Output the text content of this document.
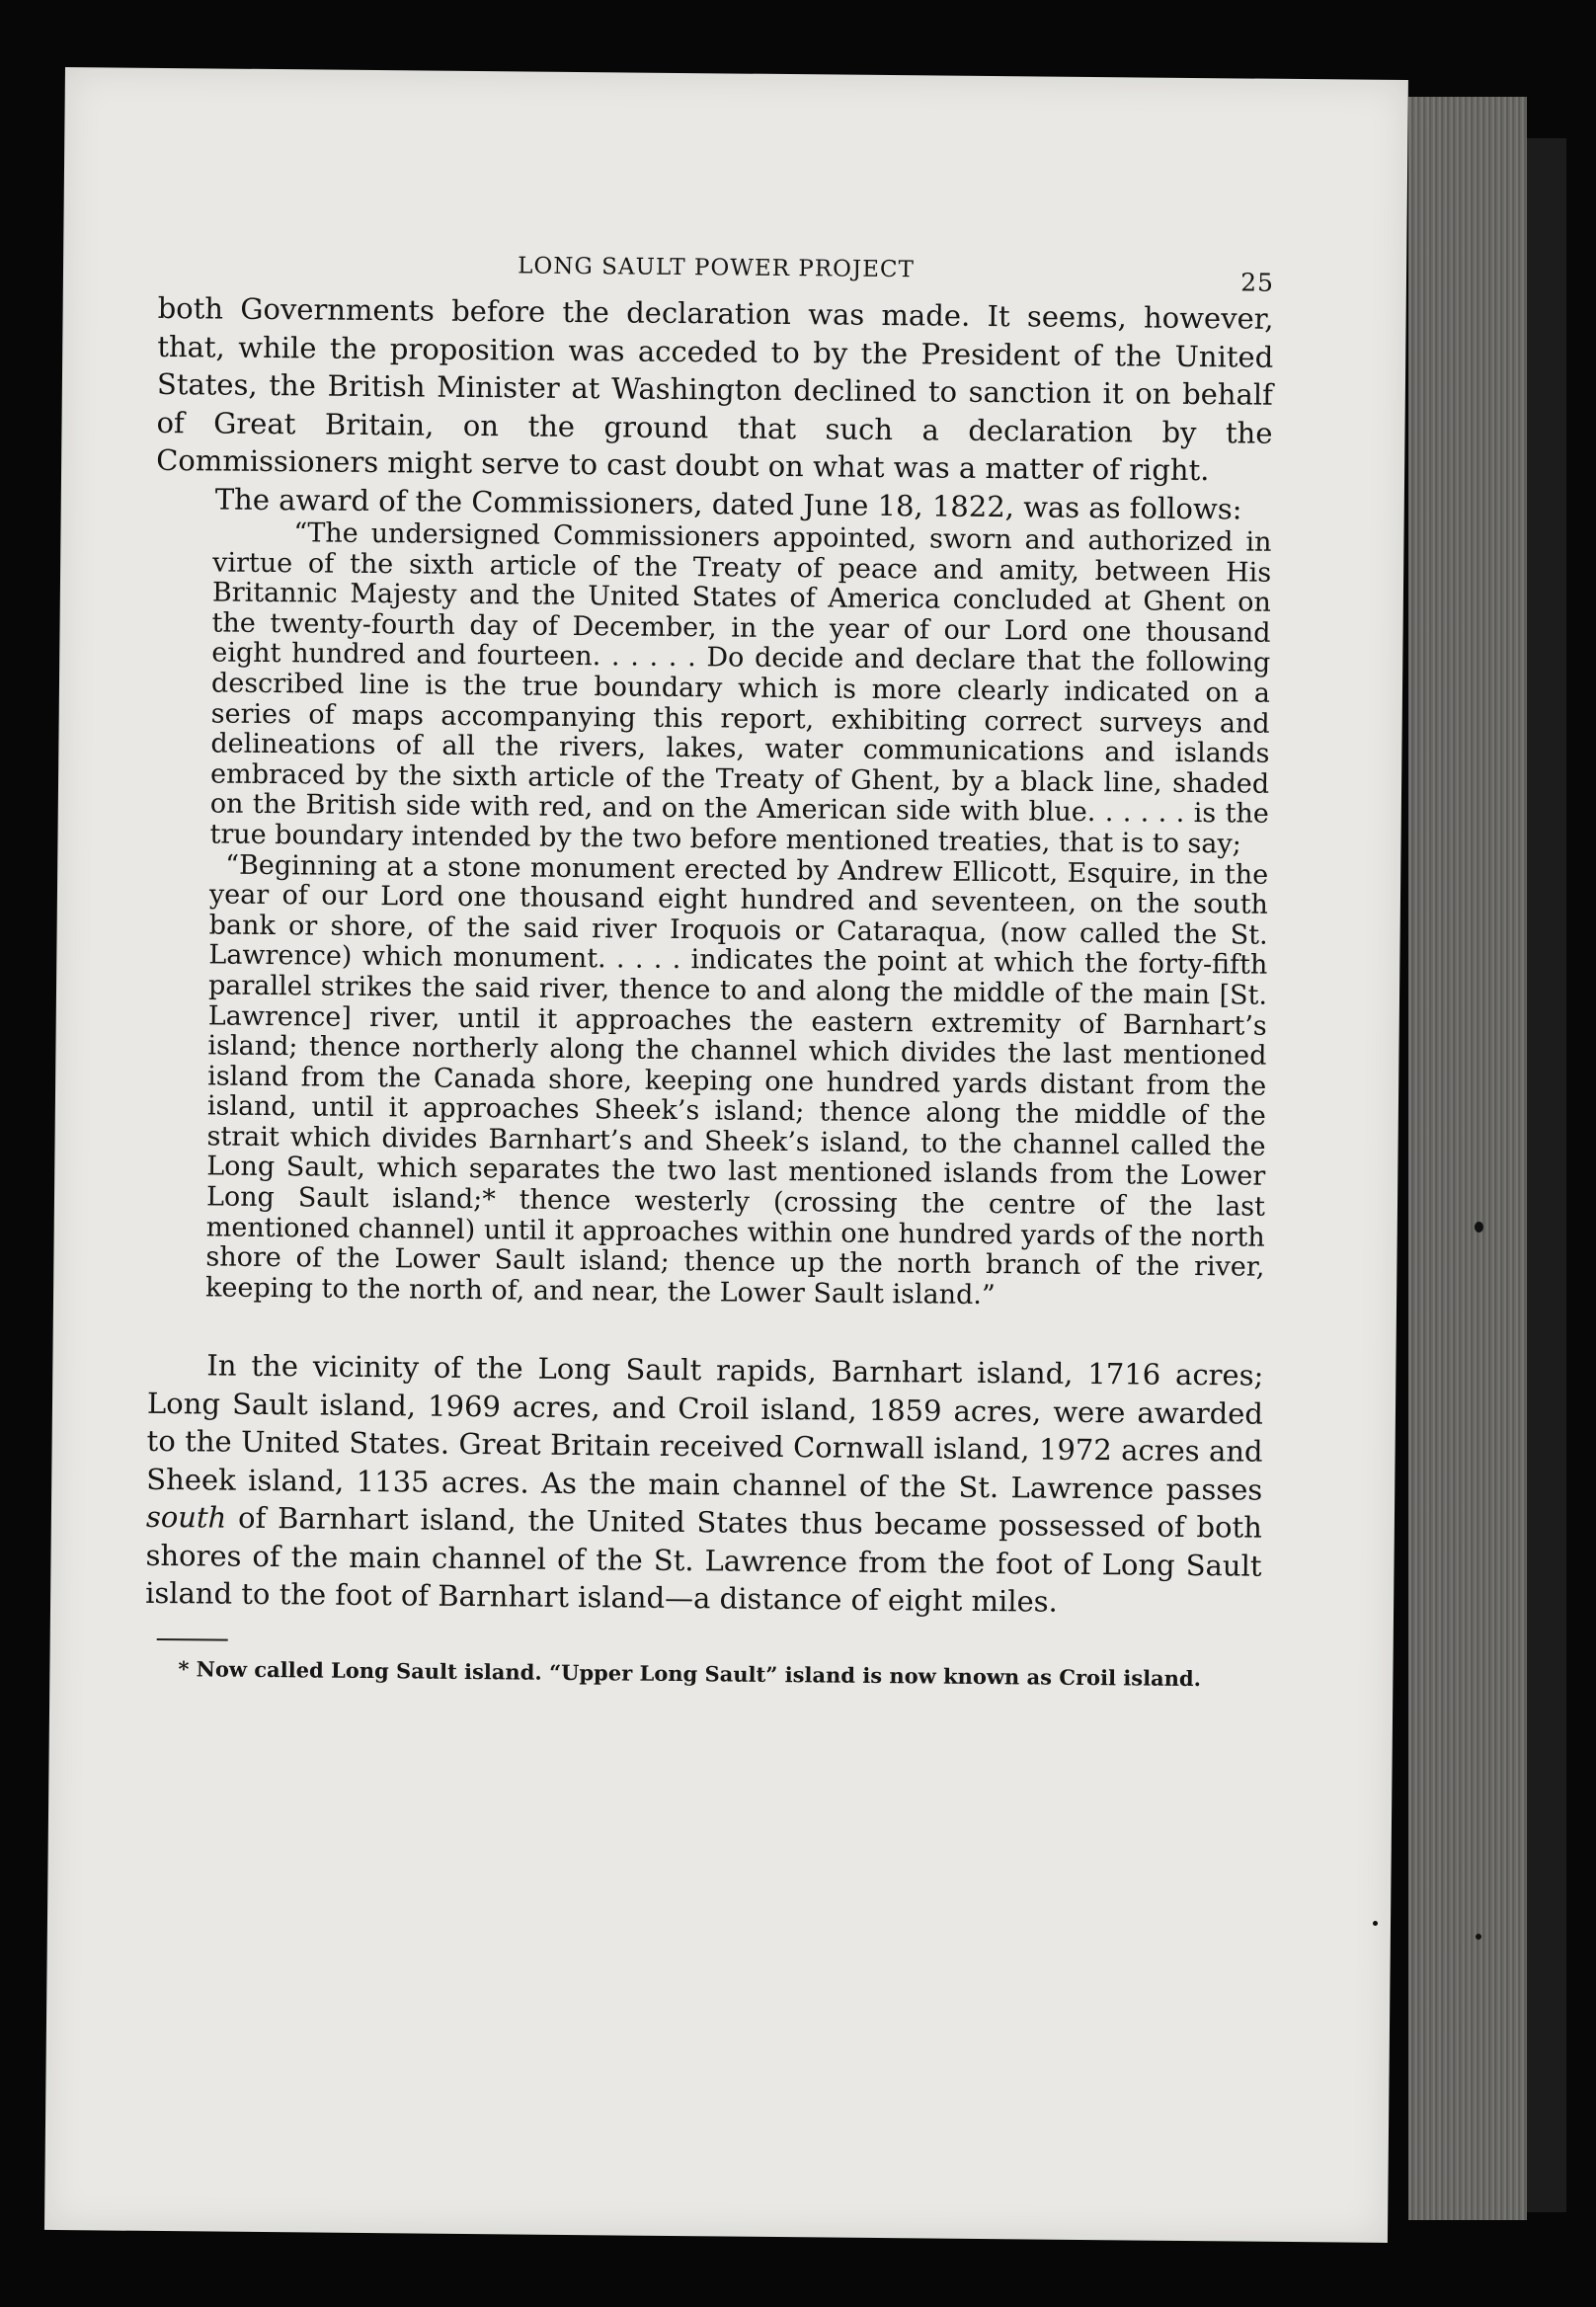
LONG SAULT POWER PROJECT	25

both Governments before the declaration was made. It seems, however, that, while the proposition was acceded to by the President of the United States, the British Minister at Washington declined to sanction it on behalf of Great Britain, on the ground that such a declaration by the Commissioners might serve to cast doubt on what was a matter of right.

The award of the Commissioners, dated June 18, 1822, was as follows:

“The undersigned Commissioners appointed, sworn and authorized in virtue of the sixth article of the Treaty of peace and amity, between His Britannic Majesty and the United States of America concluded at Ghent on the twenty-fourth day of December, in the year of our Lord one thousand eight hundred and fourteen. . . . . . Do decide and declare that the following described line is the true boundary which is more clearly indicated on a series of maps accompanying this report, exhibiting correct surveys and delineations of all the rivers, lakes, water communications and islands embraced by the sixth article of the Treaty of Ghent, by a black line, shaded on the British side with red, and on the American side with blue. . . . . . is the true boundary intended by the two before mentioned treaties, that is to say;

“Beginning at a stone monument erected by Andrew Ellicott, Esquire, in the year of our Lord one thousand eight hundred and seventeen, on the south bank or shore, of the said river Iroquois or Cataraqua, (now called the St. Lawrence) which monument. . . . . indicates the point at which the forty-fifth parallel strikes the said river, thence to and along the middle of the main [St. Lawrence] river, until it approaches the eastern extremity of Barnhart’s island; thence northerly along the channel which divides the last mentioned island from the Canada shore, keeping one hundred yards distant from the island, until it approaches Sheek’s island; thence along the middle of the strait which divides Barnhart’s and Sheek’s island, to the channel called the Long Sault, which separates the two last mentioned islands from the Lower Long Sault island;* thence westerly (crossing the centre of the last mentioned channel) until it approaches within one hundred yards of the north shore of the Lower Sault island; thence up the north branch of the river, keeping to the north of, and near, the Lower Sault island.”

In the vicinity of the Long Sault rapids, Barnhart island, 1716 acres; Long Sault island, 1969 acres, and Croil island, 1859 acres, were awarded to the United States. Great Britain received Cornwall island, 1972 acres and Sheek island, 1135 acres. As the main channel of the St. Lawrence passes south of Barnhart island, the United States thus became possessed of both shores of the main channel of the St. Lawrence from the foot of Long Sault island to the foot of Barnhart island—a distance of eight miles.

* Now called Long Sault island. “Upper Long Sault” island is now known as Croil island.
